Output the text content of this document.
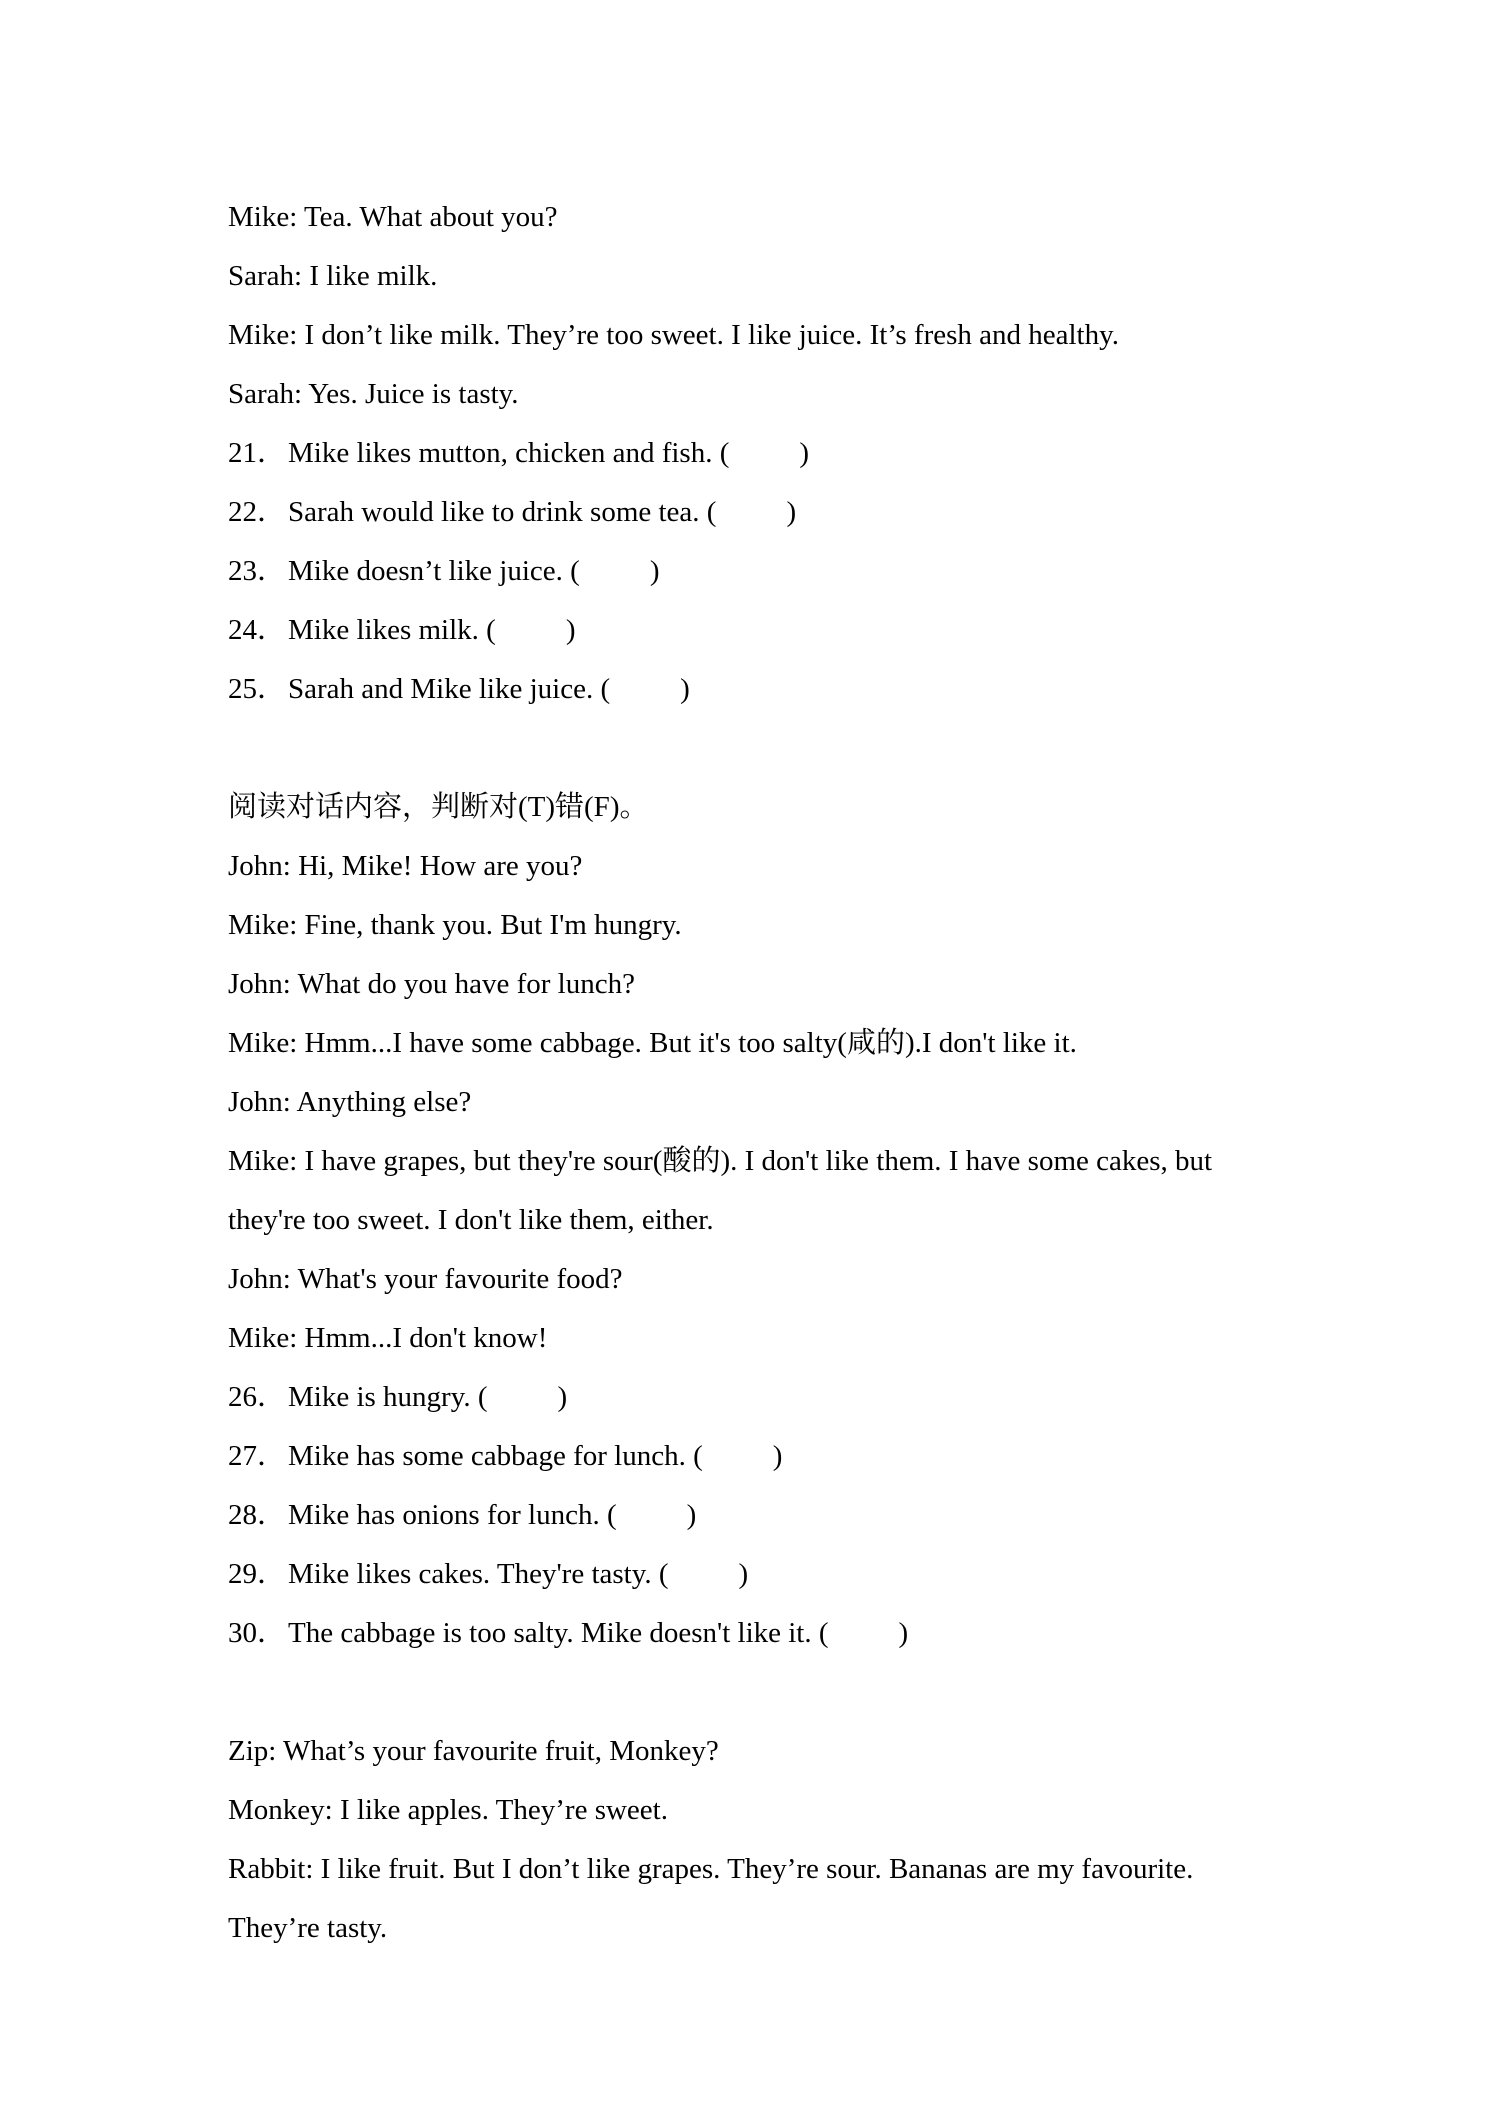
Mike: Tea. What about you?
Sarah: I like milk.
Mike: I don’t like milk. They’re too sweet. I like juice. It’s fresh and healthy.
Sarah: Yes. Juice is tasty.
21． Mike likes mutton, chicken and fish. ( )
22． Sarah would like to drink some tea. ( )
23． Mike doesn’t like juice. ( )
24． Mike likes milk. ( )
25． Sarah and Mike like juice. ( )
阅读对话内容，判断对(T)错(F)。
John: Hi, Mike! How are you?
Mike: Fine, thank you. But I'm hungry.
John: What do you have for lunch?
Mike: Hmm...I have some cabbage. But it's too salty(咸的).I don't like it.
John: Anything else?
Mike: I have grapes, but they're sour(酸的). I don't like them. I have some cakes, but
they're too sweet. I don't like them, either.
John: What's your favourite food?
Mike: Hmm...I don't know!
26． Mike is hungry. ( )
27． Mike has some cabbage for lunch. ( )
28． Mike has onions for lunch. ( )
29． Mike likes cakes. They're tasty. ( )
30． The cabbage is too salty. Mike doesn't like it. ( )
Zip: What’s your favourite fruit, Monkey?
Monkey: I like apples. They’re sweet.
Rabbit: I like fruit. But I don’t like grapes. They’re sour. Bananas are my favourite.
They’re tasty.
